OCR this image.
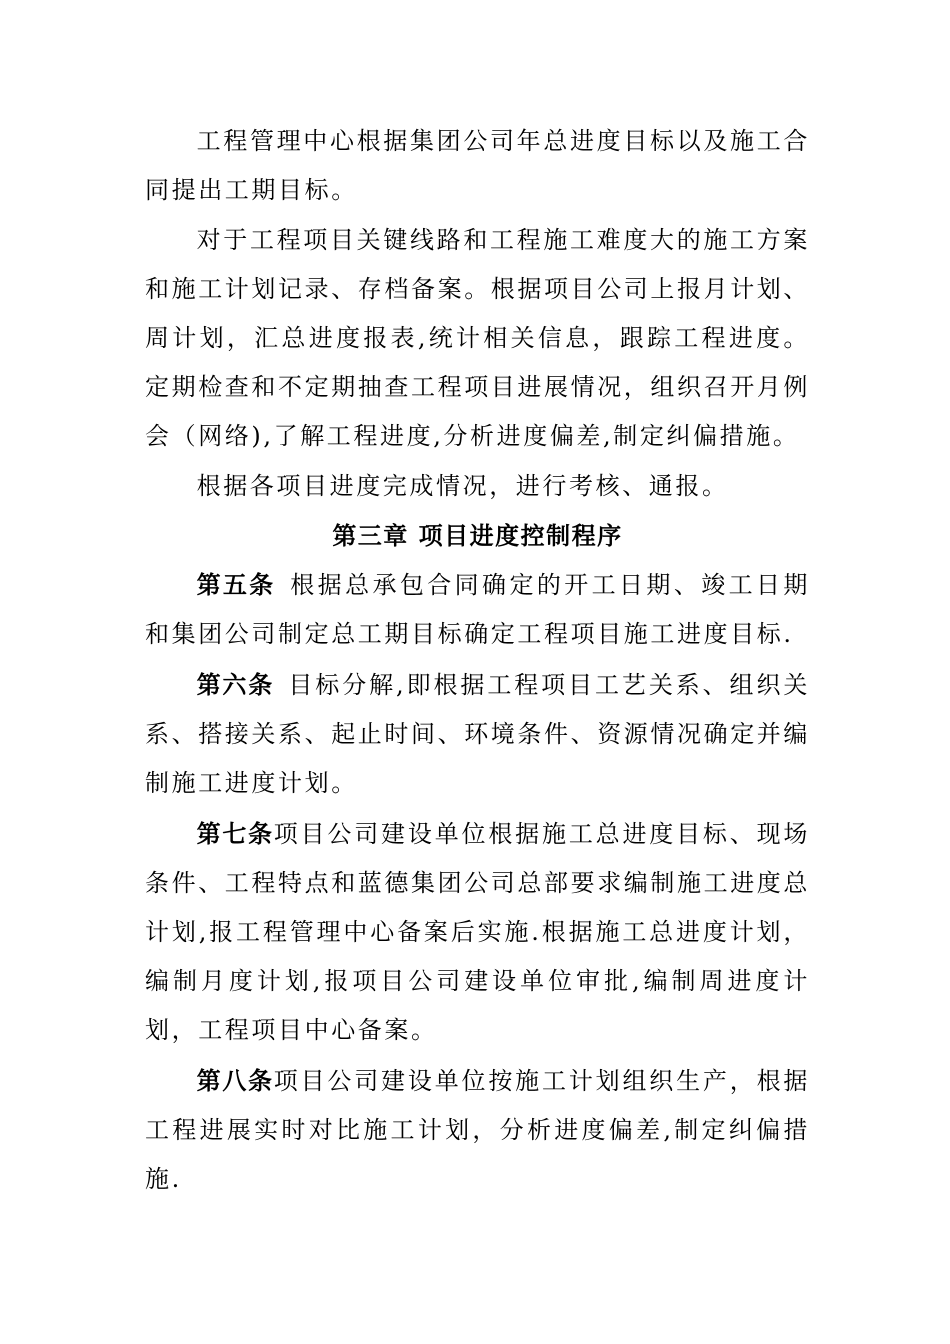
工程管理中心根据集团公司年总进度目标以及施工合同提出工期目标。

对于工程项目关键线路和工程施工难度大的施工方案和施工计划记录、存档备案。根据项目公司上报月计划、周计划，汇总进度报表,统计相关信息，跟踪工程进度。定期检查和不定期抽查工程项目进展情况，组织召开月例会（网络),了解工程进度,分析进度偏差,制定纠偏措施。

根据各项目进度完成情况，进行考核、通报。

第三章 项目进度控制程序

第五条 根据总承包合同确定的开工日期、竣工日期和集团公司制定总工期目标确定工程项目施工进度目标.

第六条 目标分解,即根据工程项目工艺关系、组织关系、搭接关系、起止时间、环境条件、资源情况确定并编制施工进度计划。

第七条项目公司建设单位根据施工总进度目标、现场条件、工程特点和蓝德集团公司总部要求编制施工进度总计划,报工程管理中心备案后实施.根据施工总进度计划，编制月度计划,报项目公司建设单位审批,编制周进度计划，工程项目中心备案。

第八条项目公司建设单位按施工计划组织生产，根据工程进展实时对比施工计划，分析进度偏差,制定纠偏措施.
